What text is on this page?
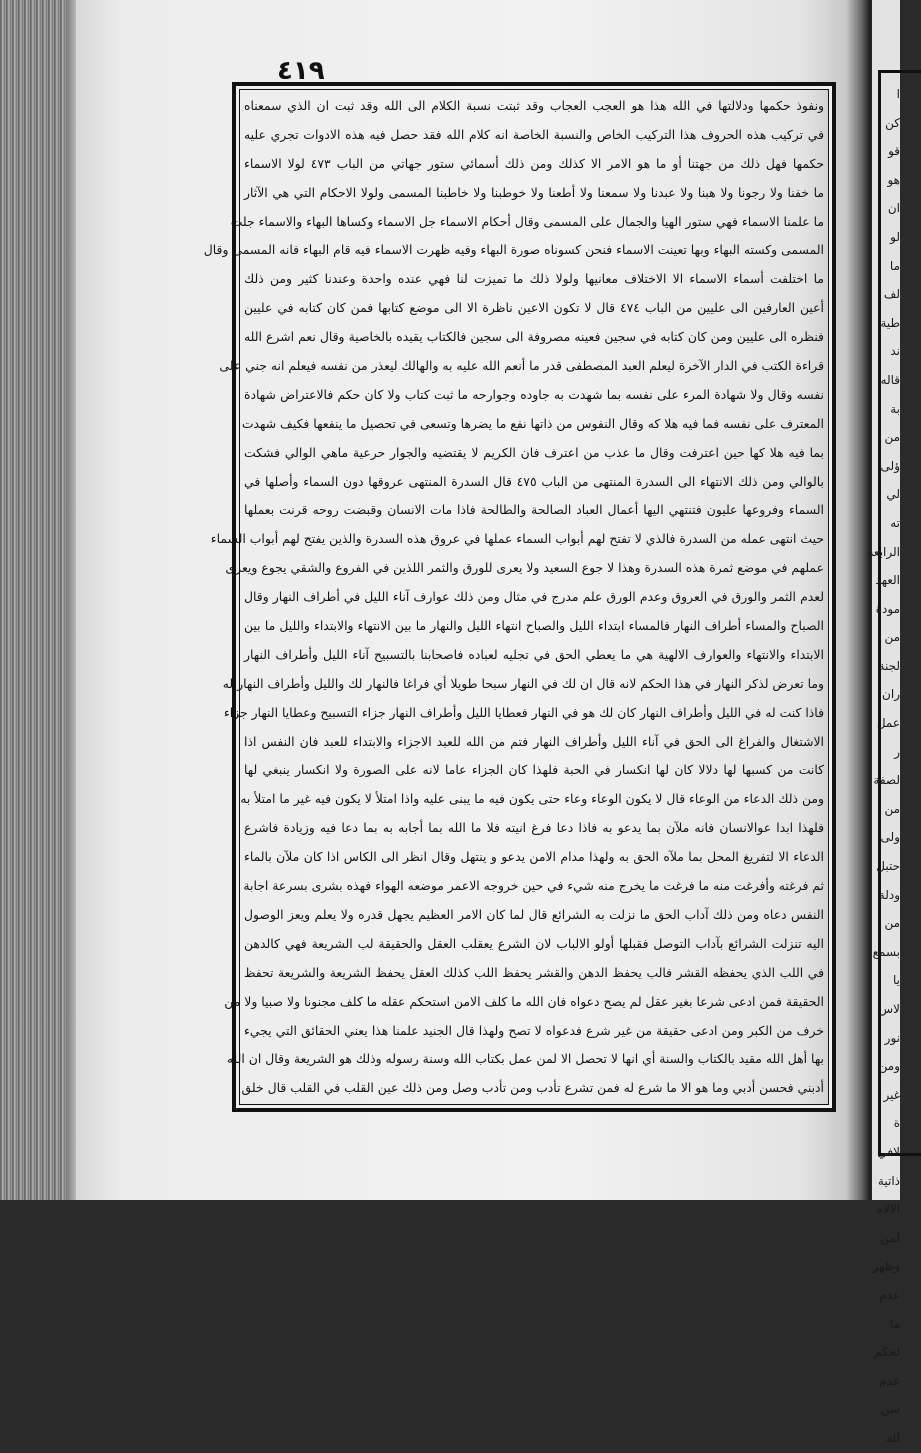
٤١٩
ونفوذ حكمها ودلالتها في الله هذا هو العجب العجاب وقد ثبتت نسبة الكلام الى الله وقد ثبت ان الذي سمعناه
في تركيب هذه الحروف هذا التركيب الخاص والنسبة الخاصة انه كلام الله فقد حصل فيه هذه الادوات تجري عليه
حكمها فهل ذلك من جهتنا أو ما هو الامر الا كذلك ومن ذلك أسمائي ستور جهاتي من الباب ٤٧٣ لولا الاسماء
ما خفنا ولا رجونا ولا هبنا ولا عبدنا ولا سمعنا ولا أطعنا ولا خوطبنا ولا خاطبنا المسمى ولولا الاحكام التي هي الآثار
ما علمنا الاسماء فهي ستور الهيا والجمال على المسمى وقال أحكام الاسماء جل الاسماء وكساها البهاء والاسماء جلت
المسمى وكسته البهاء وبها تعينت الاسماء فنحن كسوناه صورة البهاء وفيه ظهرت الاسماء فيه قام البهاء فانه المسمى وقال
ما اختلفت أسماء الاسماء الا الاختلاف معانيها ولولا ذلك ما تميزت لنا فهي عنده واحدة وعندنا كثير ومن ذلك
أعين العارفين الى عليين من الباب ٤٧٤ قال لا تكون الاعين ناظرة الا الى موضع كتابها فمن كان كتابه في عليين
فنظره الى عليين ومن كان كتابه في سجين فعينه مصروفة الى سجين فالكتاب يقيده بالخاصية وقال نعم اشرع الله
قراءة الكتب في الدار الآخرة ليعلم العبد المصطفى قدر ما أنعم الله عليه به والهالك ليعذر من نفسه فيعلم انه جني على
نفسه وقال ولا شهادة المرء على نفسه بما شهدت به جاوده وجوارحه ما ثبت كتاب ولا كان حكم فالاعتراض شهادة
المعترف على نفسه فما فيه هلا كه وقال النفوس من ذاتها نفع ما يضرها وتسعى في تحصيل ما ينفعها فكيف شهدت
بما فيه هلا كها حين اعترفت وقال ما عذب من اعترف فان الكريم لا يقتضيه والجوار حرعية ماهي الوالي فشكت
بالوالي ومن ذلك الانتهاء الى السدرة المنتهى من الباب ٤٧٥ قال السدرة المنتهى عروقها دون السماء وأصلها في
السماء وفروعها عليون فتنتهي اليها أعمال العباد الصالحة والطالحة فاذا مات الانسان وقبضت روحه قرنت بعملها
حيث انتهى عمله من السدرة فالذي لا تفتح لهم أبواب السماء عملها في عروق هذه السدرة والذين يفتح لهم أبواب السماء
عملهم في موضع ثمرة هذه السدرة وهذا لا جوع السعيد ولا يعرى للورق والثمر اللذين في الفروع والشقي يجوع ويعرى
لعدم الثمر والورق في العروق وعدم الورق علم مدرج في مثال ومن ذلك عوارف آناء الليل في أطراف النهار وقال
الصباح والمساء أطراف النهار فالمساء ابتداء الليل والصباح انتهاء الليل والنهار ما بين الانتهاء والابتداء والليل ما بين
الابتداء والانتهاء والعوارف الالهية هي ما يعطي الحق في تجليه لعباده فاصحابنا بالتسبيح آناء الليل وأطراف النهار
وما تعرض لذكر النهار في هذا الحكم لانه قال ان لك في النهار سبحا طويلا أي فراغا فالنهار لك والليل وأطراف النهار له
فاذا كنت له في الليل وأطراف النهار كان لك هو في النهار فعطايا الليل وأطراف النهار جزاء التسبيح وعطايا النهار جزاء
الاشتغال والفراغ الى الحق في آناء الليل وأطراف النهار فتم من الله للعبد الاجزاء والابتداء للعبد فان النفس اذا
كانت من كسبها لها دلالا كان لها انكسار في الحبة فلهذا كان الجزاء عاما لانه على الصورة ولا انكسار ينبغي لها
ومن ذلك الدعاء من الوعاء قال لا يكون الوعاء وعاء حتى يكون فيه ما يبنى عليه واذا امتلأ لا يكون فيه غير ما امتلأ به
فلهذا ابدا عوالانسان فانه ملآن بما يدعو به فاذا دعا فرغ انيته فلا ما الله بما أجابه به بما دعا فيه وزيادة فاشرع
الدعاء الا لتفريغ المحل بما ملآه الحق به ولهذا مدام الامن يدعو و ينتهل وقال انظر الى الكاس اذا كان ملآن بالماء
ثم فرغته وأفرغت منه ما فرغت ما يخرج منه شيء في حين خروجه الاعمر موضعه الهواء فهذه بشرى بسرعة اجابة
النفس دعاه ومن ذلك آداب الحق ما نزلت به الشرائع قال لما كان الامر العظيم يجهل قدره ولا يعلم ويعز الوصول
اليه تنزلت الشرائع بآداب التوصل فقبلها أولو الالباب لان الشرع يعقلب العقل والحقيقة لب الشريعة فهي كالدهن
في اللب الذي يحفظه القشر فالب يحفظ الدهن والقشر يحفظ اللب كذلك العقل يحفظ الشريعة والشريعة تحفظ
الحقيقة فمن ادعى شرعا بغير عقل لم يصح دعواه فان الله ما كلف الامن استحكم عقله ما كلف مجنونا ولا صبيا ولا من
خرف من الكبر ومن ادعى حقيقة من غير شرع فدعواه لا تصح ولهذا قال الجنيد علمنا هذا يعني الحقائق التي يجيء
بها أهل الله مقيد بالكتاب والسنة أي انها لا تحصل الا لمن عمل بكتاب الله وسنة رسوله وذلك هو الشريعة وقال ان الله
أدبني فحسن أدبي وما هو الا ما شرع له فمن تشرع تأدب ومن تأدب وصل ومن ذلك عين القلب في القلب قال خلق
ا
كن
قو
هو
ان
لو
ما
لف
طية
ند
قاله
بة
من
ؤلى
لي
ته
الرابعة
العهد
مودة
من
لجنة
ران
عمل
ر
لصفة
من
ولى
حتبل
ودلة
من
بسمع
يا
لاس
نور
ومن
غير
ة
لافي
ذاتية
الالاة
لمن
وظهر
عدم
ما
لحكم
عدم
سن
لله
